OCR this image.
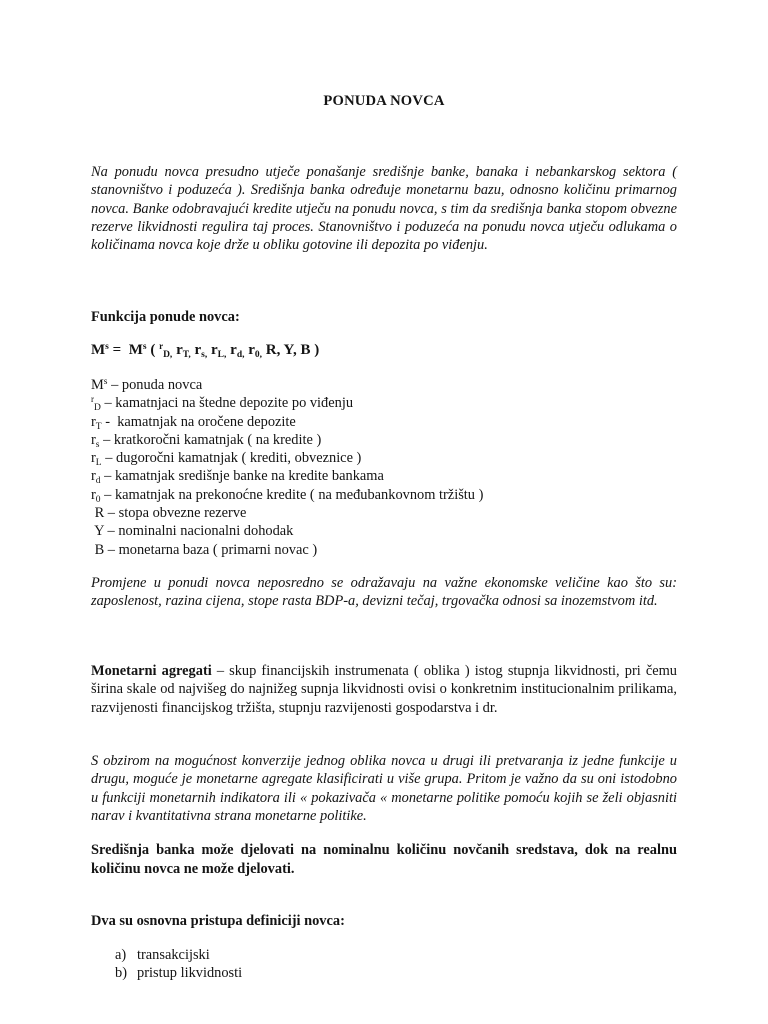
PONUDA NOVCA

Na ponudu novca presudno utječe ponašanje središnje banke, banaka i nebankarskog sektora ( stanovništvo i poduzeća ). Središnja banka određuje monetarnu bazu, odnosno količinu primarnog novca. Banke odobravajući kredite utječu na ponudu novca, s tim da središnja banka stopom obvezne rezerve likvidnosti regulira taj proces. Stanovništvo i poduzeća na ponudu novca utječu odlukama o količinama novca koje drže u obliku gotovine ili depozita po viđenju.

Funkcija ponude novca:

$M^s = M^s$ ( $^r_{D,}$ $r_{T,}$ $r_{s,}$ $r_{L,}$ $r_{d,}$ $r_{0,}$ R, Y, B )

$M^s$ – ponuda novca
$^r_D$ – kamatnjaci na štedne depozite po viđenju
$r_T$ -  kamatnjak na oročene depozite
$r_s$ – kratkoročni kamatnjak ( na kredite )
$r_L$ – dugoročni kamatnjak ( krediti, obveznice )
$r_d$ – kamatnjak središnje banke na kredite bankama
$r_0$ – kamatnjak na prekonoćne kredite ( na međubankovnom tržištu )
R – stopa obvezne rezerve
Y – nominalni nacionalni dohodak
B – monetarna baza ( primarni novac )

Promjene u ponudi novca neposredno se odražavaju na važne ekonomske veličine kao što su: zaposlenost, razina cijena, stope rasta BDP-a, devizni tečaj, trgovačka odnosi sa inozemstvom itd.

Monetarni agregati – skup financijskih instrumenata ( oblika ) istog stupnja likvidnosti, pri čemu širina skale od najvišeg do najnižeg supnja likvidnosti ovisi o konkretnim institucionalnim prilikama, razvijenosti financijskog tržišta, stupnju razvijenosti gospodarstva i dr.

S obzirom na mogućnost konverzije jednog oblika novca u drugi ili pretvaranja iz jedne funkcije u drugu, moguće je monetarne agregate klasificirati u više grupa. Pritom je važno da su oni istodobno u funkciji monetarnih indikatora ili « pokazivača « monetarne politike pomoću kojih se želi objasniti narav i kvantitativna strana monetarne politike.

Središnja banka može djelovati na nominalnu količinu novčanih sredstava, dok na realnu količinu novca ne može djelovati.

Dva su osnovna pristupa definiciji novca:

a) transakcijski
b) pristup likvidnosti
